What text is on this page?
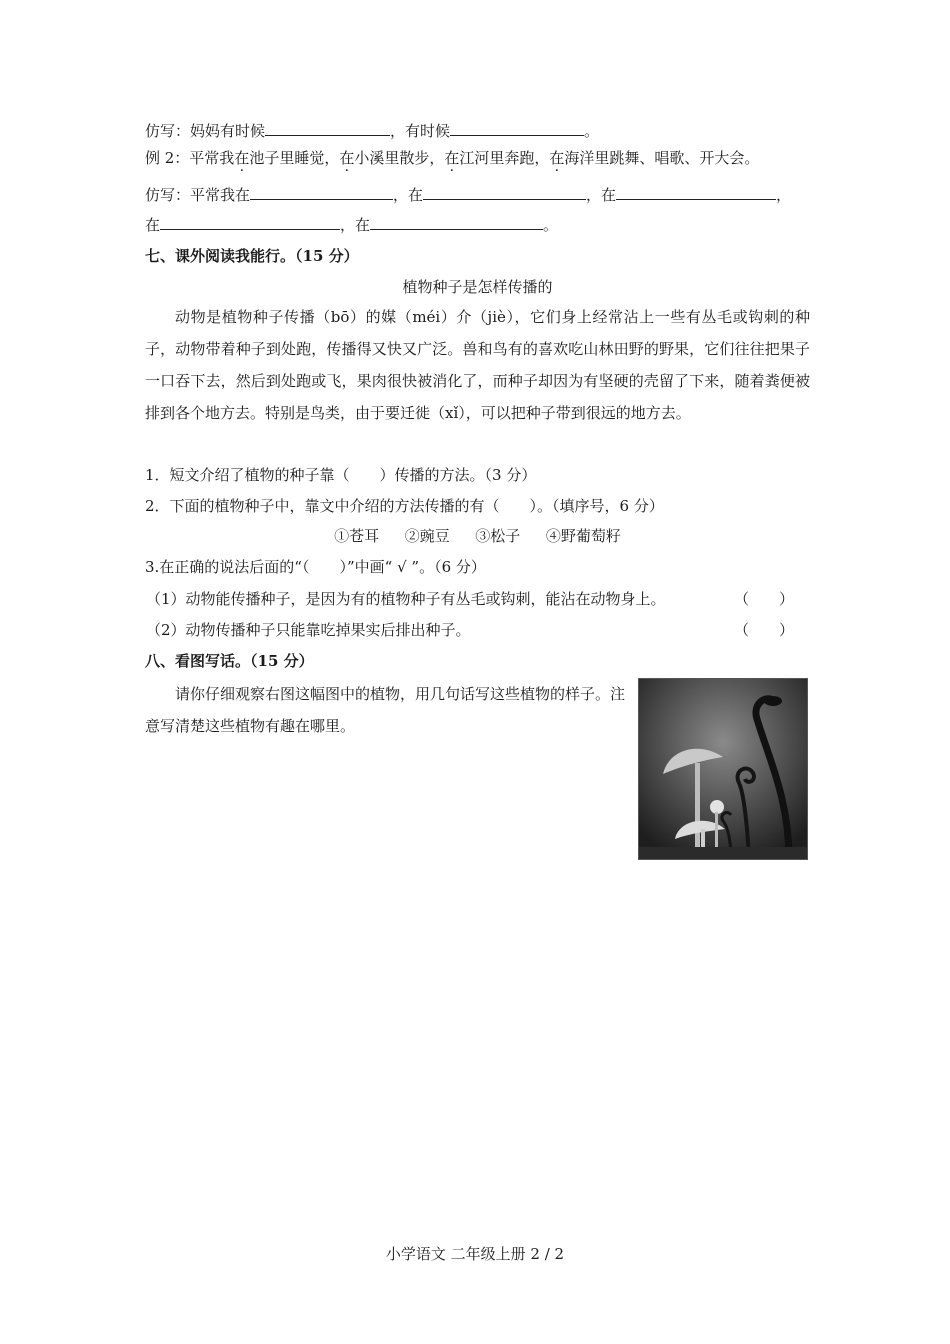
仿写：妈妈有时候	，有时候	。
例 2：平常我在池子里睡觉，在小溪里散步，在江河里奔跑，在海洋里跳舞、唱歌、开大会。
仿写：平常我在	，在	，在	，
在	，在	。
七、课外阅读我能行。（15 分）
植物种子是怎样传播的
动物是植物种子传播（bō）的媒（méi）介（jiè），它们身上经常沾上一些有丛毛或钩刺的种子，动物带着种子到处跑，传播得又快又广泛。兽和鸟有的喜欢吃山林田野的野果，它们往往把果子一口吞下去，然后到处跑或飞，果肉很快被消化了，而种子却因为有坚硬的壳留了下来，随着粪便被排到各个地方去。特别是鸟类，由于要迁徙（xǐ），可以把种子带到很远的地方去。
1．短文介绍了植物的种子靠（　　）传播的方法。（3 分）
2．下面的植物种子中，靠文中介绍的方法传播的有（　　）。（填序号，6 分）
①苍耳 ②豌豆 ③松子 ④野葡萄籽
3.在正确的说法后面的“（　　）”中画“ √ ”。（6 分）
（1）动物能传播种子，是因为有的植物种子有丛毛或钩刺，能沾在动物身上。	（　　）
（2）动物传播种子只能靠吃掉果实后排出种子。	（　　）
八、看图写话。（15 分）
请你仔细观察右图这幅图中的植物，用几句话写这些植物的样子。注意写清楚这些植物有趣在哪里。
小学语文 二年级上册 2 / 2
